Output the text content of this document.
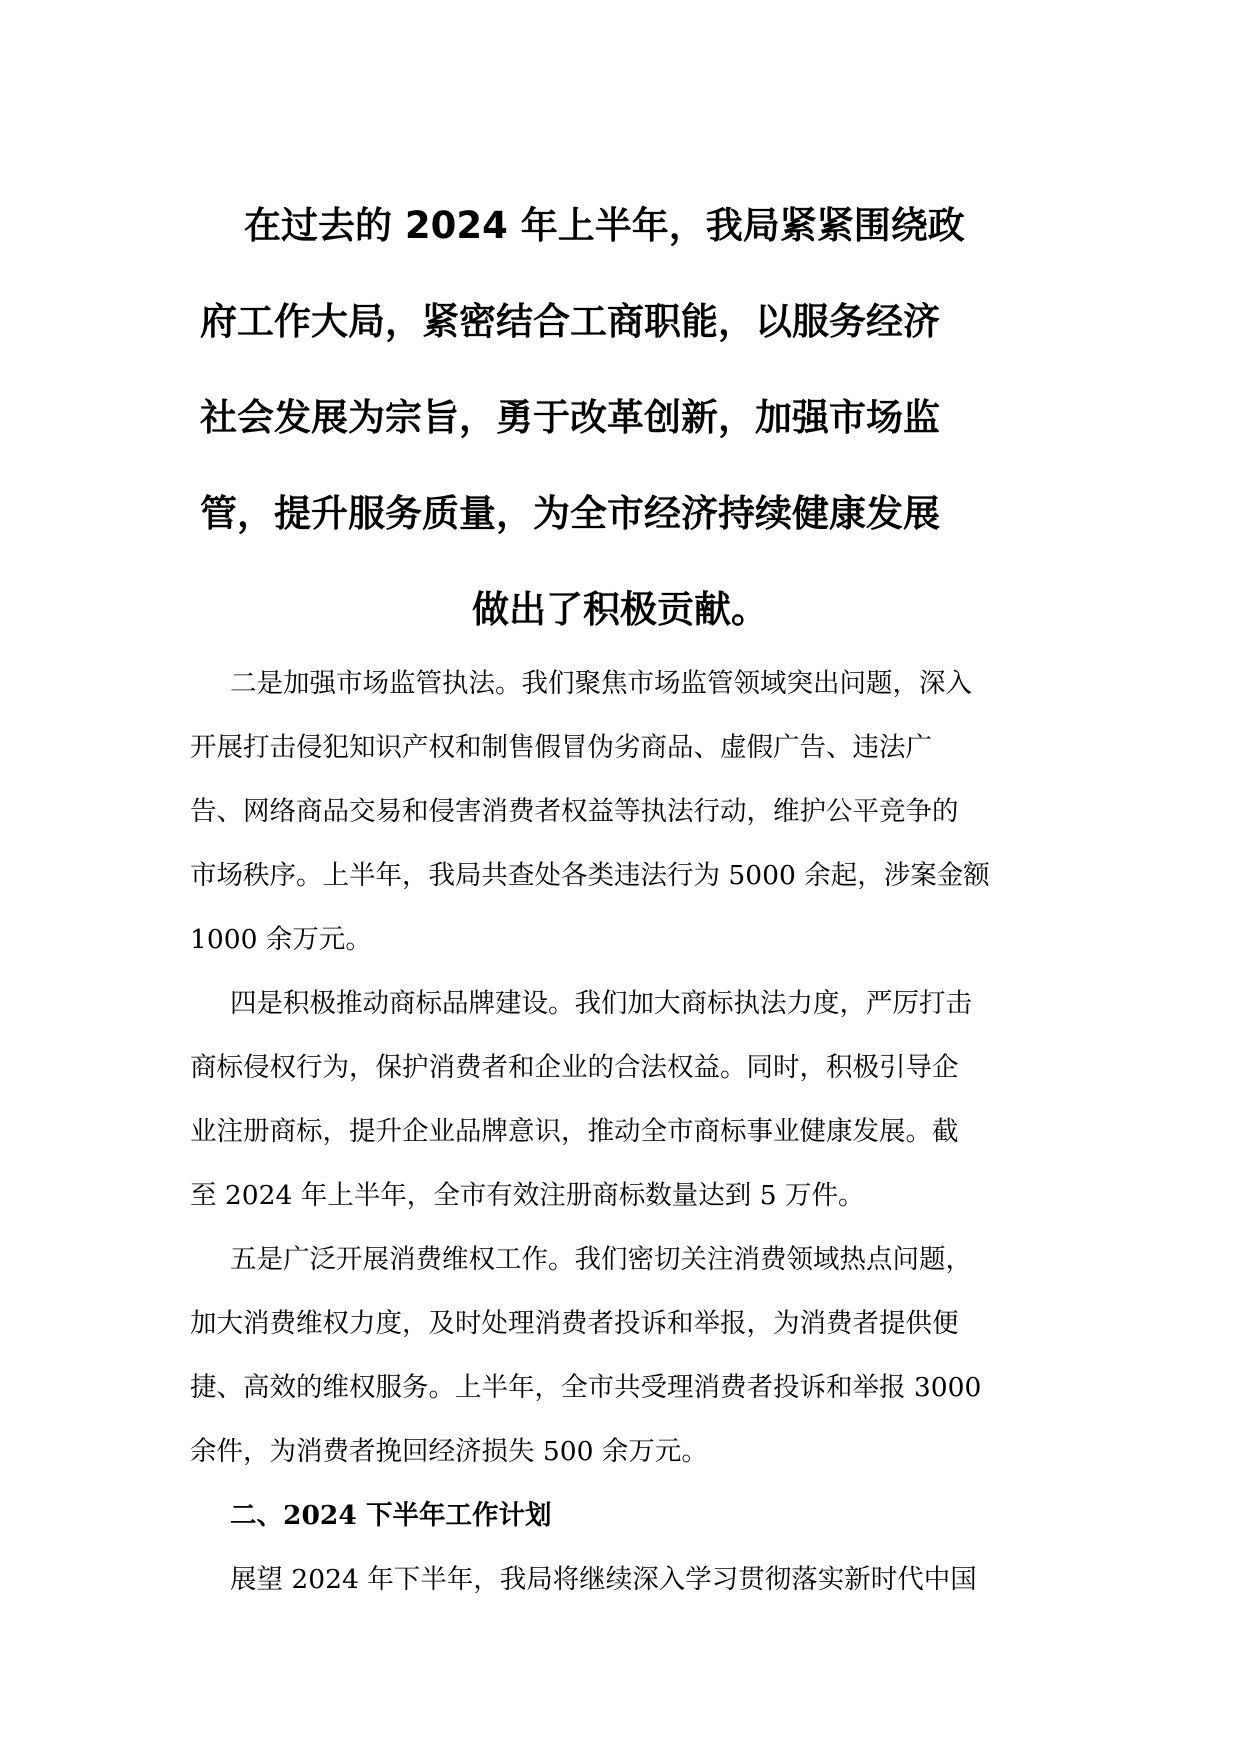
在过去的 2024 年上半年，我局紧紧围绕政
府工作大局，紧密结合工商职能，以服务经济
社会发展为宗旨，勇于改革创新，加强市场监
管，提升服务质量，为全市经济持续健康发展
做出了积极贡献。
二是加强市场监管执法。我们聚焦市场监管领域突出问题，深入
开展打击侵犯知识产权和制售假冒伪劣商品、虚假广告、违法广
告、网络商品交易和侵害消费者权益等执法行动，维护公平竞争的
市场秩序。上半年，我局共查处各类违法行为 5000 余起，涉案金额
1000 余万元。
四是积极推动商标品牌建设。我们加大商标执法力度，严厉打击
商标侵权行为，保护消费者和企业的合法权益。同时，积极引导企
业注册商标，提升企业品牌意识，推动全市商标事业健康发展。截
至 2024 年上半年，全市有效注册商标数量达到 5 万件。
五是广泛开展消费维权工作。我们密切关注消费领域热点问题，
加大消费维权力度，及时处理消费者投诉和举报，为消费者提供便
捷、高效的维权服务。上半年，全市共受理消费者投诉和举报 3000
余件，为消费者挽回经济损失 500 余万元。
二、2024 下半年工作计划
展望 2024 年下半年，我局将继续深入学习贯彻落实新时代中国
